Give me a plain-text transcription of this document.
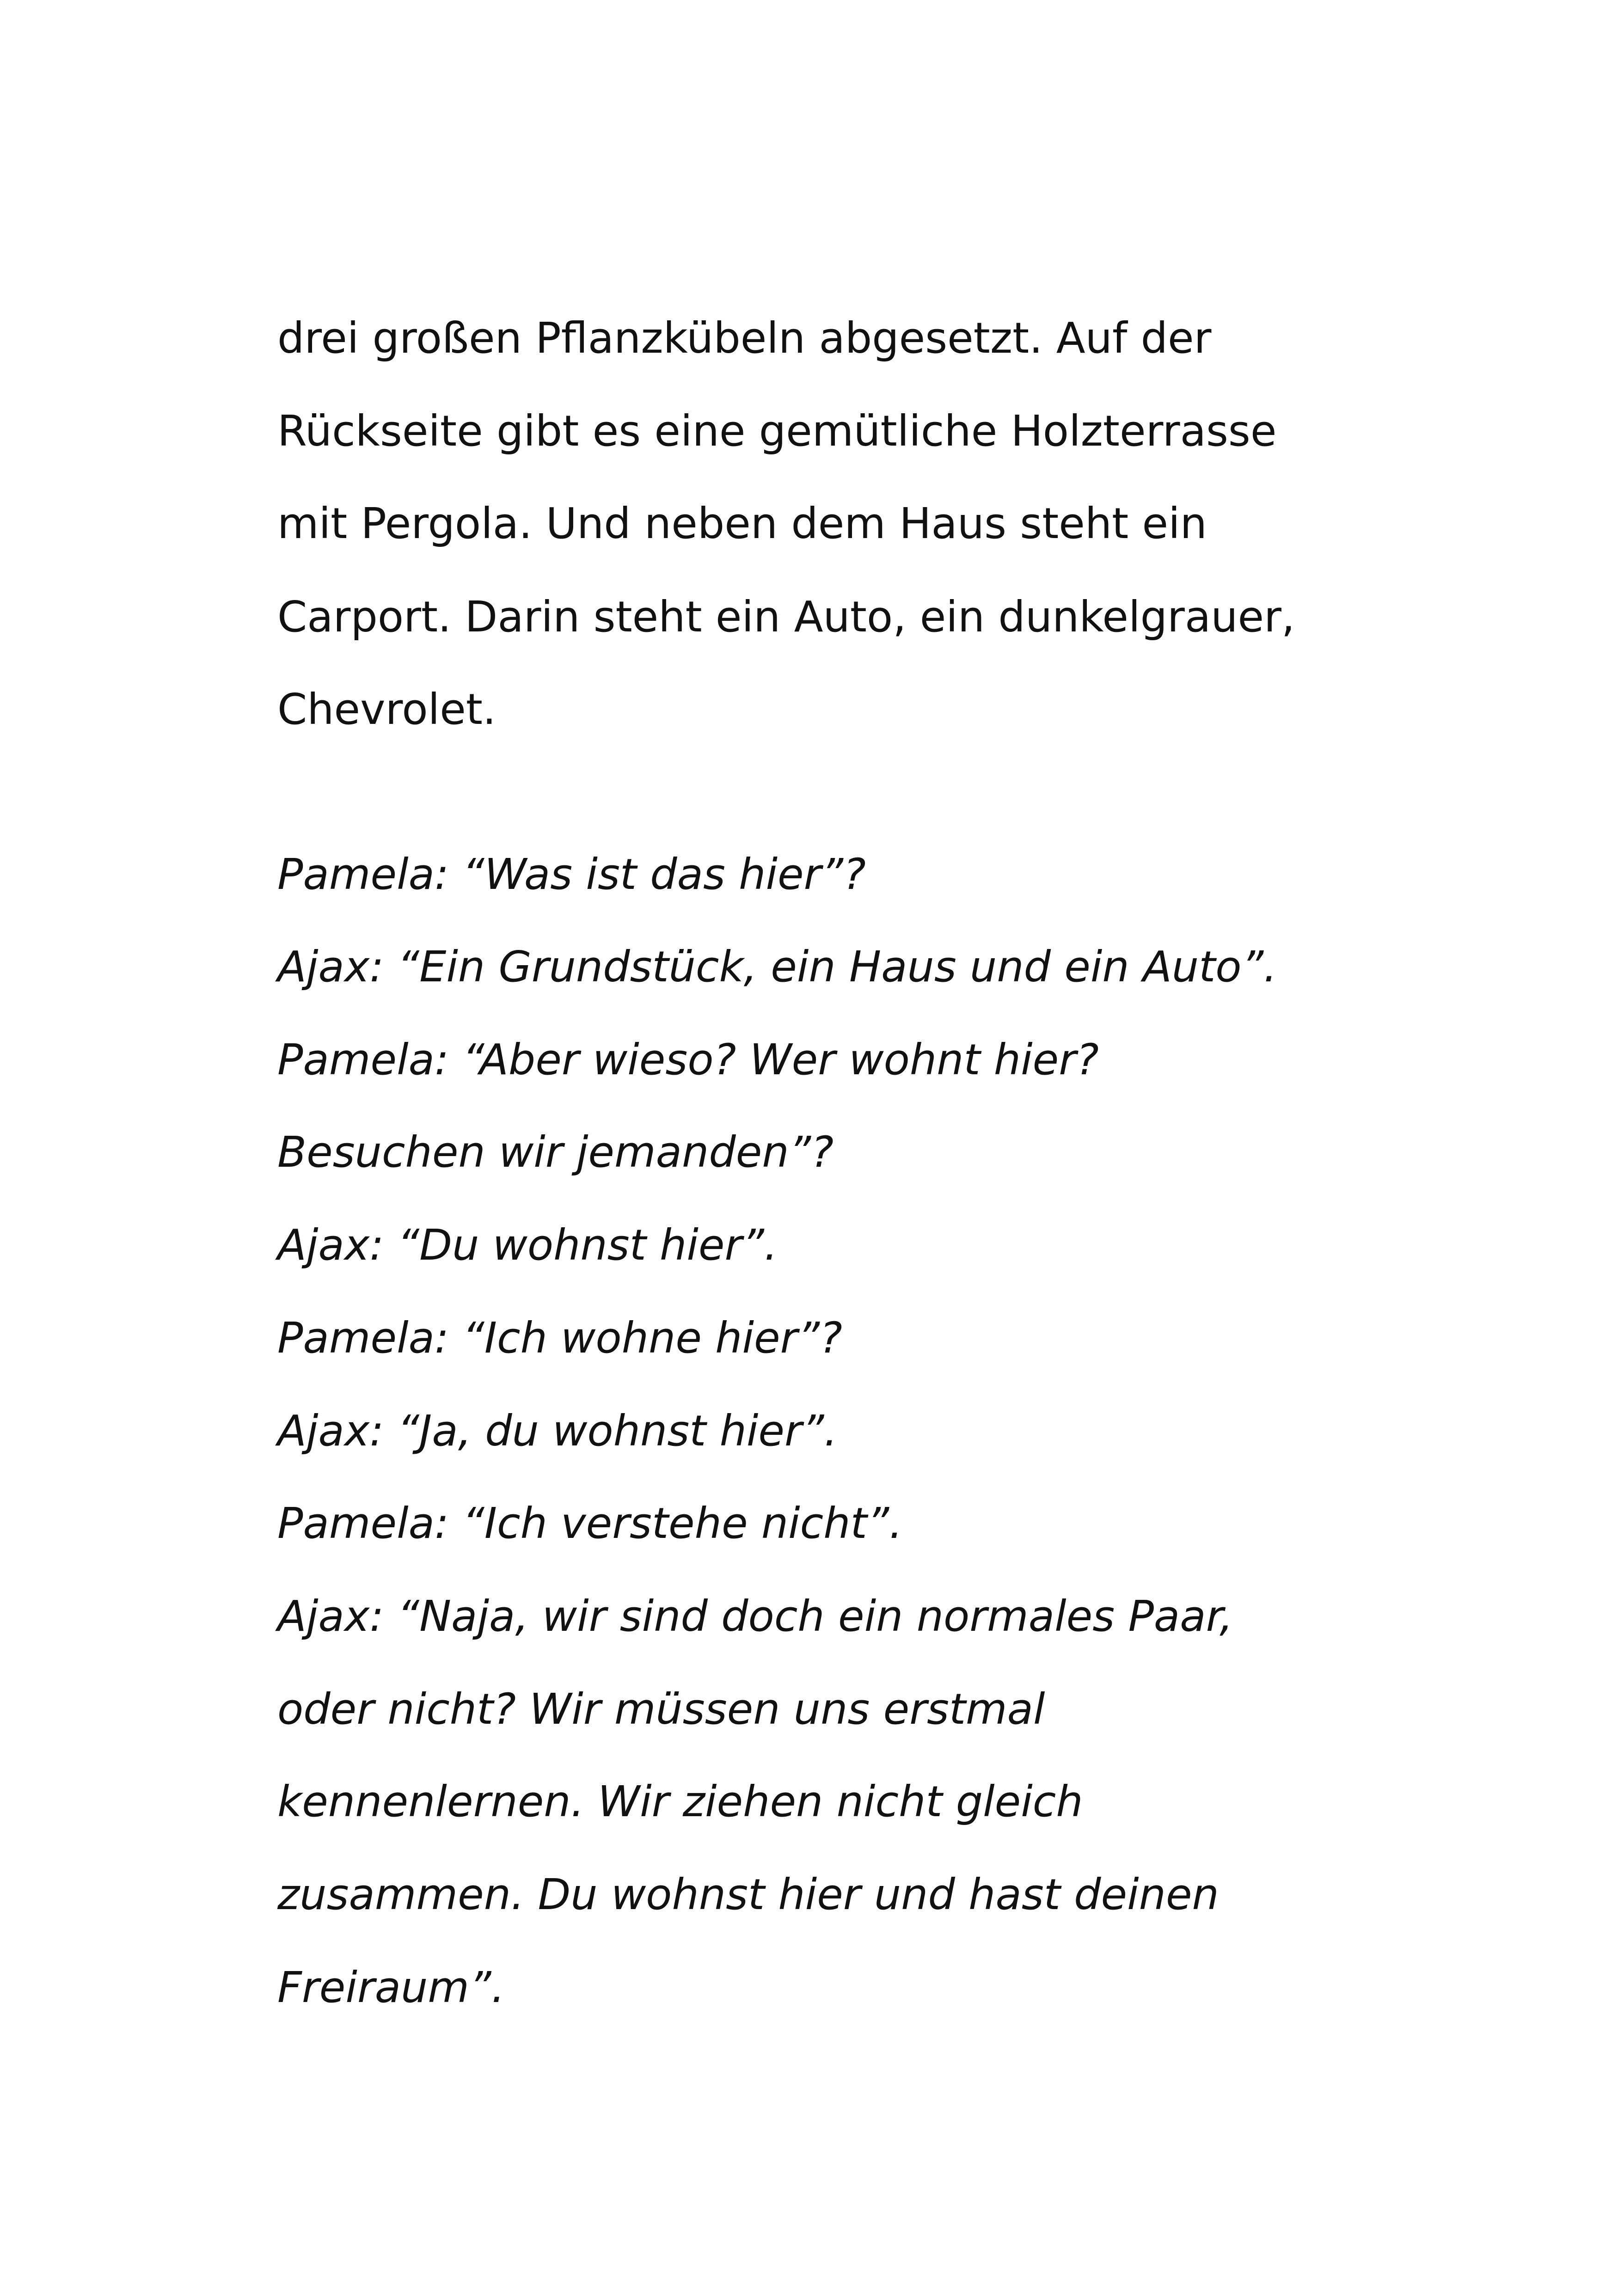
drei großen Pflanzkübeln abgesetzt. Auf der

Rückseite gibt es eine gemütliche Holzterrasse

mit Pergola. Und neben dem Haus steht ein

Carport. Darin steht ein Auto, ein dunkelgrauer,

Chevrolet.

Pamela: “Was ist das hier”?

Ajax: “Ein Grundstück, ein Haus und ein Auto”.

Pamela: “Aber wieso? Wer wohnt hier?

Besuchen wir jemanden”?

Ajax: “Du wohnst hier”.

Pamela: “Ich wohne hier”?

Ajax: “Ja, du wohnst hier”.

Pamela: “Ich verstehe nicht”.

Ajax: “Naja, wir sind doch ein normales Paar,

oder nicht? Wir müssen uns erstmal

kennenlernen. Wir ziehen nicht gleich

zusammen. Du wohnst hier und hast deinen

Freiraum”.
